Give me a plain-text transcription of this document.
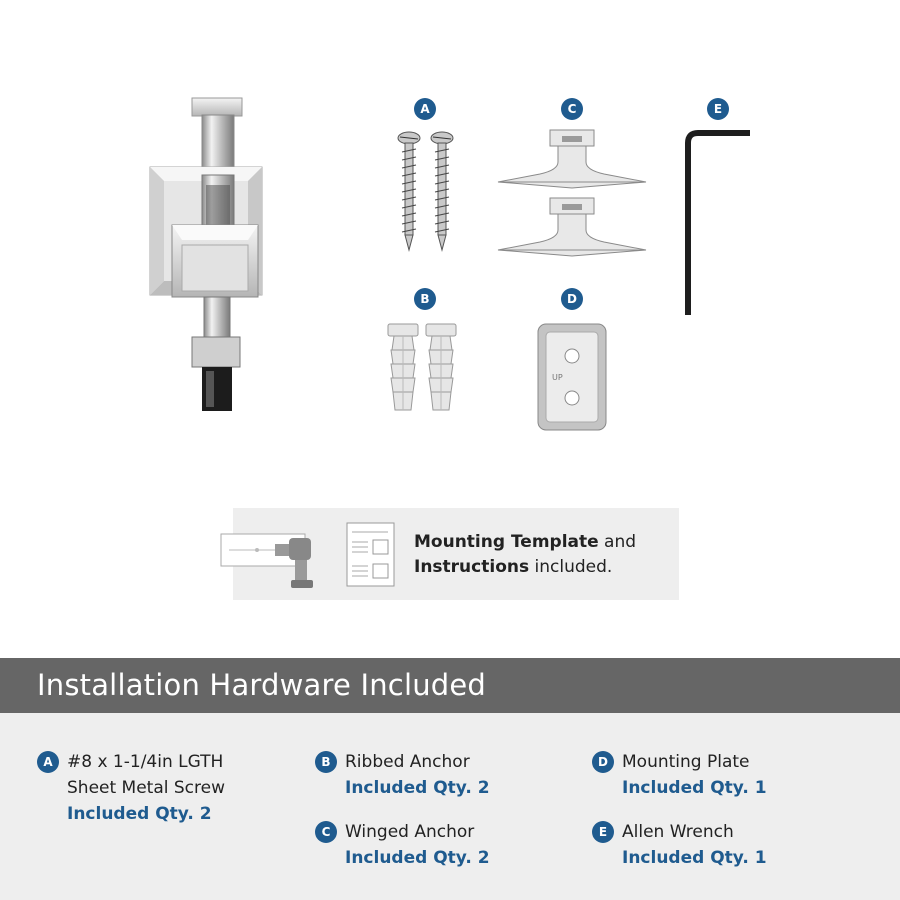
A	C	E
B	D
UP
Mounting Template and
Instructions included.
Installation Hardware Included
A #8 x 1-1/4in LGTH
Sheet Metal Screw
Included Qty. 2
B Ribbed Anchor
Included Qty. 2
C Winged Anchor
Included Qty. 2
D Mounting Plate
Included Qty. 1
E Allen Wrench
Included Qty. 1
